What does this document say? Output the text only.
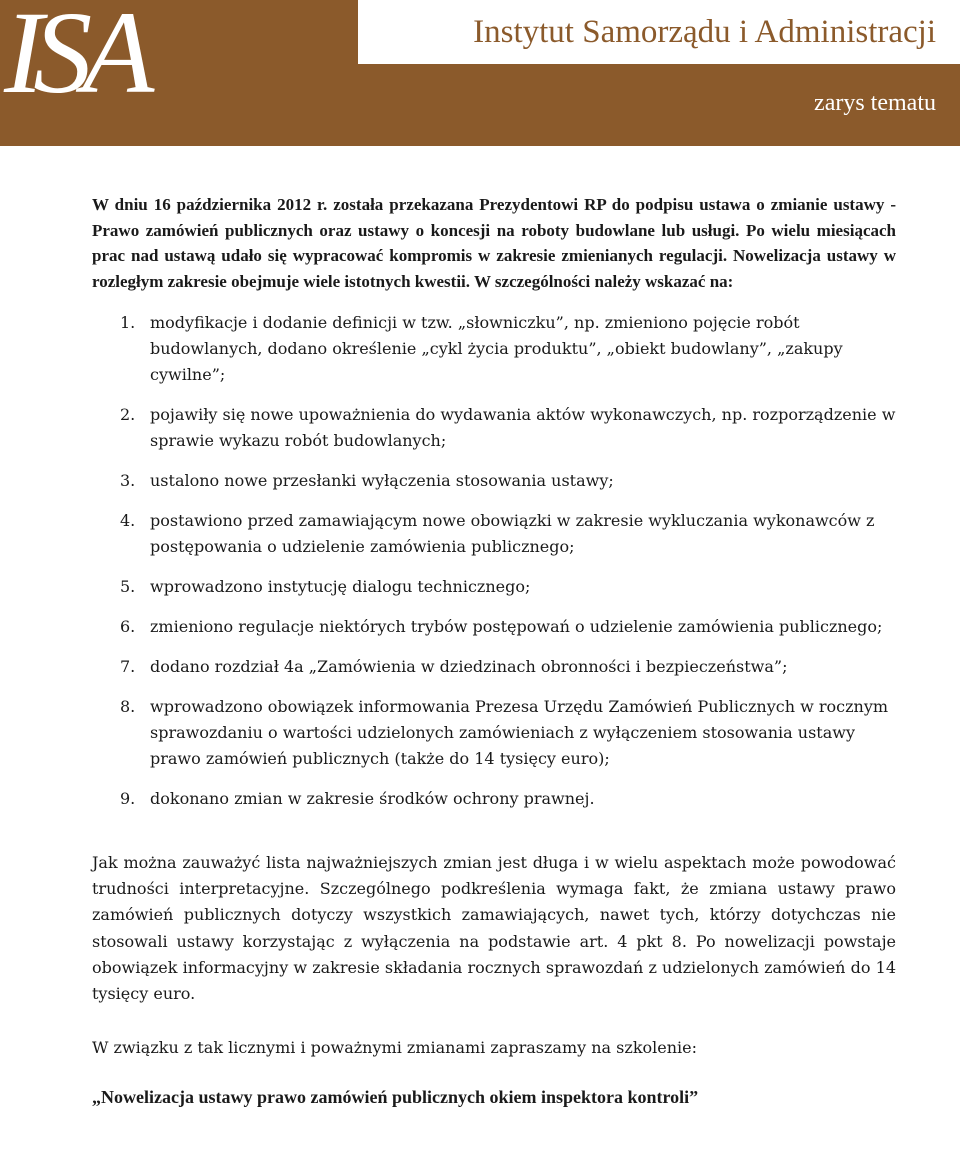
ISA	Instytut Samorządu i Administracji
zarys tematu

W dniu 16 października 2012 r. została przekazana Prezydentowi RP do podpisu ustawa o zmianie ustawy - Prawo zamówień publicznych oraz ustawy o koncesji na roboty budowlane lub usługi. Po wielu miesiącach prac nad ustawą udało się wypracować kompromis w zakresie zmienianych regulacji. Nowelizacja ustawy w rozległym zakresie obejmuje wiele istotnych kwestii. W szczególności należy wskazać na:

1. modyfikacje i dodanie definicji w tzw. „słowniczku”, np. zmieniono pojęcie robót budowlanych, dodano określenie „cykl życia produktu”, „obiekt budowlany”, „zakupy cywilne”;
2. pojawiły się nowe upoważnienia do wydawania aktów wykonawczych, np. rozporządzenie w sprawie wykazu robót budowlanych;
3. ustalono nowe przesłanki wyłączenia stosowania ustawy;
4. postawiono przed zamawiającym nowe obowiązki w zakresie wykluczania wykonawców z postępowania o udzielenie zamówienia publicznego;
5. wprowadzono instytucję dialogu technicznego;
6. zmieniono regulacje niektórych trybów postępowań o udzielenie zamówienia publicznego;
7. dodano rozdział 4a „Zamówienia w dziedzinach obronności i bezpieczeństwa”;
8. wprowadzono obowiązek informowania Prezesa Urzędu Zamówień Publicznych w rocznym sprawozdaniu o wartości udzielonych zamówieniach z wyłączeniem stosowania ustawy prawo zamówień publicznych (także do 14 tysięcy euro);
9. dokonano zmian w zakresie środków ochrony prawnej.

Jak można zauważyć lista najważniejszych zmian jest długa i w wielu aspektach może powodować trudności interpretacyjne. Szczególnego podkreślenia wymaga fakt, że zmiana ustawy prawo zamówień publicznych dotyczy wszystkich zamawiających, nawet tych, którzy dotychczas nie stosowali ustawy korzystając z wyłączenia na podstawie art. 4 pkt 8. Po nowelizacji powstaje obowiązek informacyjny w zakresie składania rocznych sprawozdań z udzielonych zamówień do 14 tysięcy euro.

W związku z tak licznymi i poważnymi zmianami zapraszamy na szkolenie:

„Nowelizacja ustawy prawo zamówień publicznych okiem inspektora kontroli”
